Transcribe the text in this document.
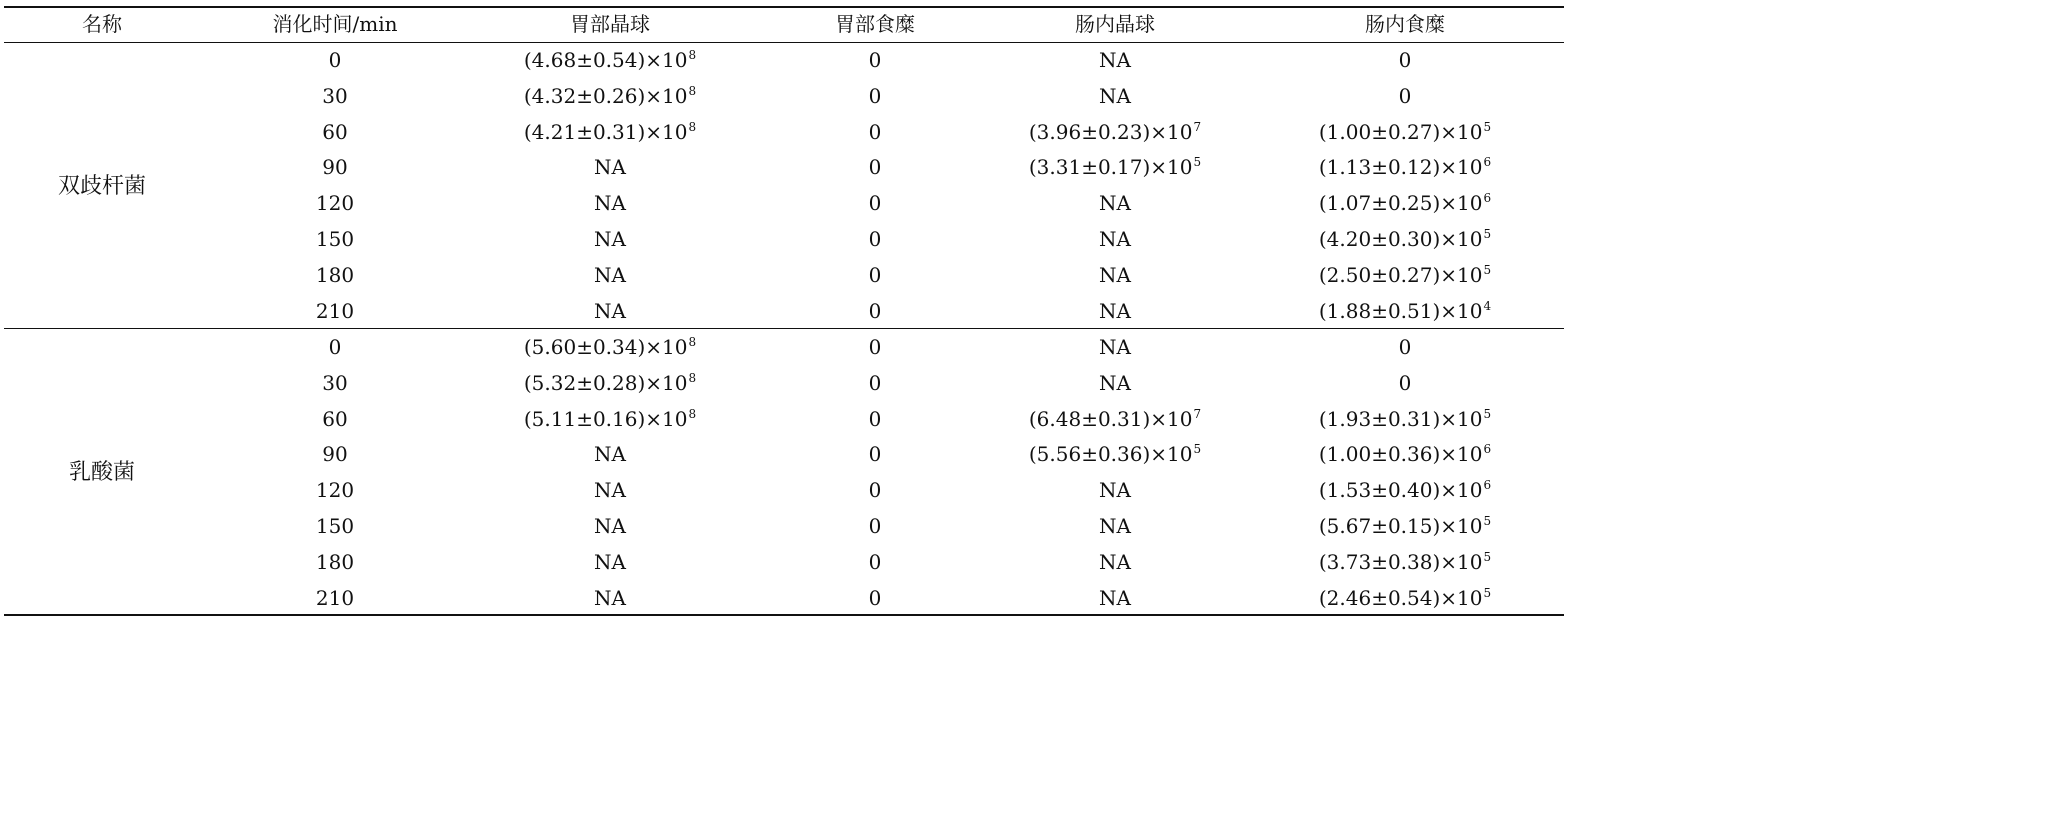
名称	消化时间/min	胃部晶球	胃部食糜	肠内晶球	肠内食糜
双歧杆菌
0	$(4.68\pm 0.54)\times 10^8$	0	NA	0
30	$(4.32\pm 0.26)\times 10^8$	0	NA	0
60	$(4.21\pm 0.31)\times 10^8$	0	$(3.96\pm 0.23)\times 10^7$	$(1.00\pm 0.27)\times 10^5$
90	NA	0	$(3.31\pm 0.17)\times 10^5$	$(1.13\pm 0.12)\times 10^6$
120	NA	0	NA	$(1.07\pm 0.25)\times 10^6$
150	NA	0	NA	$(4.20\pm 0.30)\times 10^5$
180	NA	0	NA	$(2.50\pm 0.27)\times 10^5$
210	NA	0	NA	$(1.88\pm 0.51)\times 10^4$
乳酸菌
0	$(5.60\pm 0.34)\times 10^8$	0	NA	0
30	$(5.32\pm 0.28)\times 10^8$	0	NA	0
60	$(5.11\pm 0.16)\times 10^8$	0	$(6.48\pm 0.31)\times 10^7$	$(1.93\pm 0.31)\times 10^5$
90	NA	0	$(5.56\pm 0.36)\times 10^5$	$(1.00\pm 0.36)\times 10^6$
120	NA	0	NA	$(1.53\pm 0.40)\times 10^6$
150	NA	0	NA	$(5.67\pm 0.15)\times 10^5$
180	NA	0	NA	$(3.73\pm 0.38)\times 10^5$
210	NA	0	NA	$(2.46\pm 0.54)\times 10^5$
